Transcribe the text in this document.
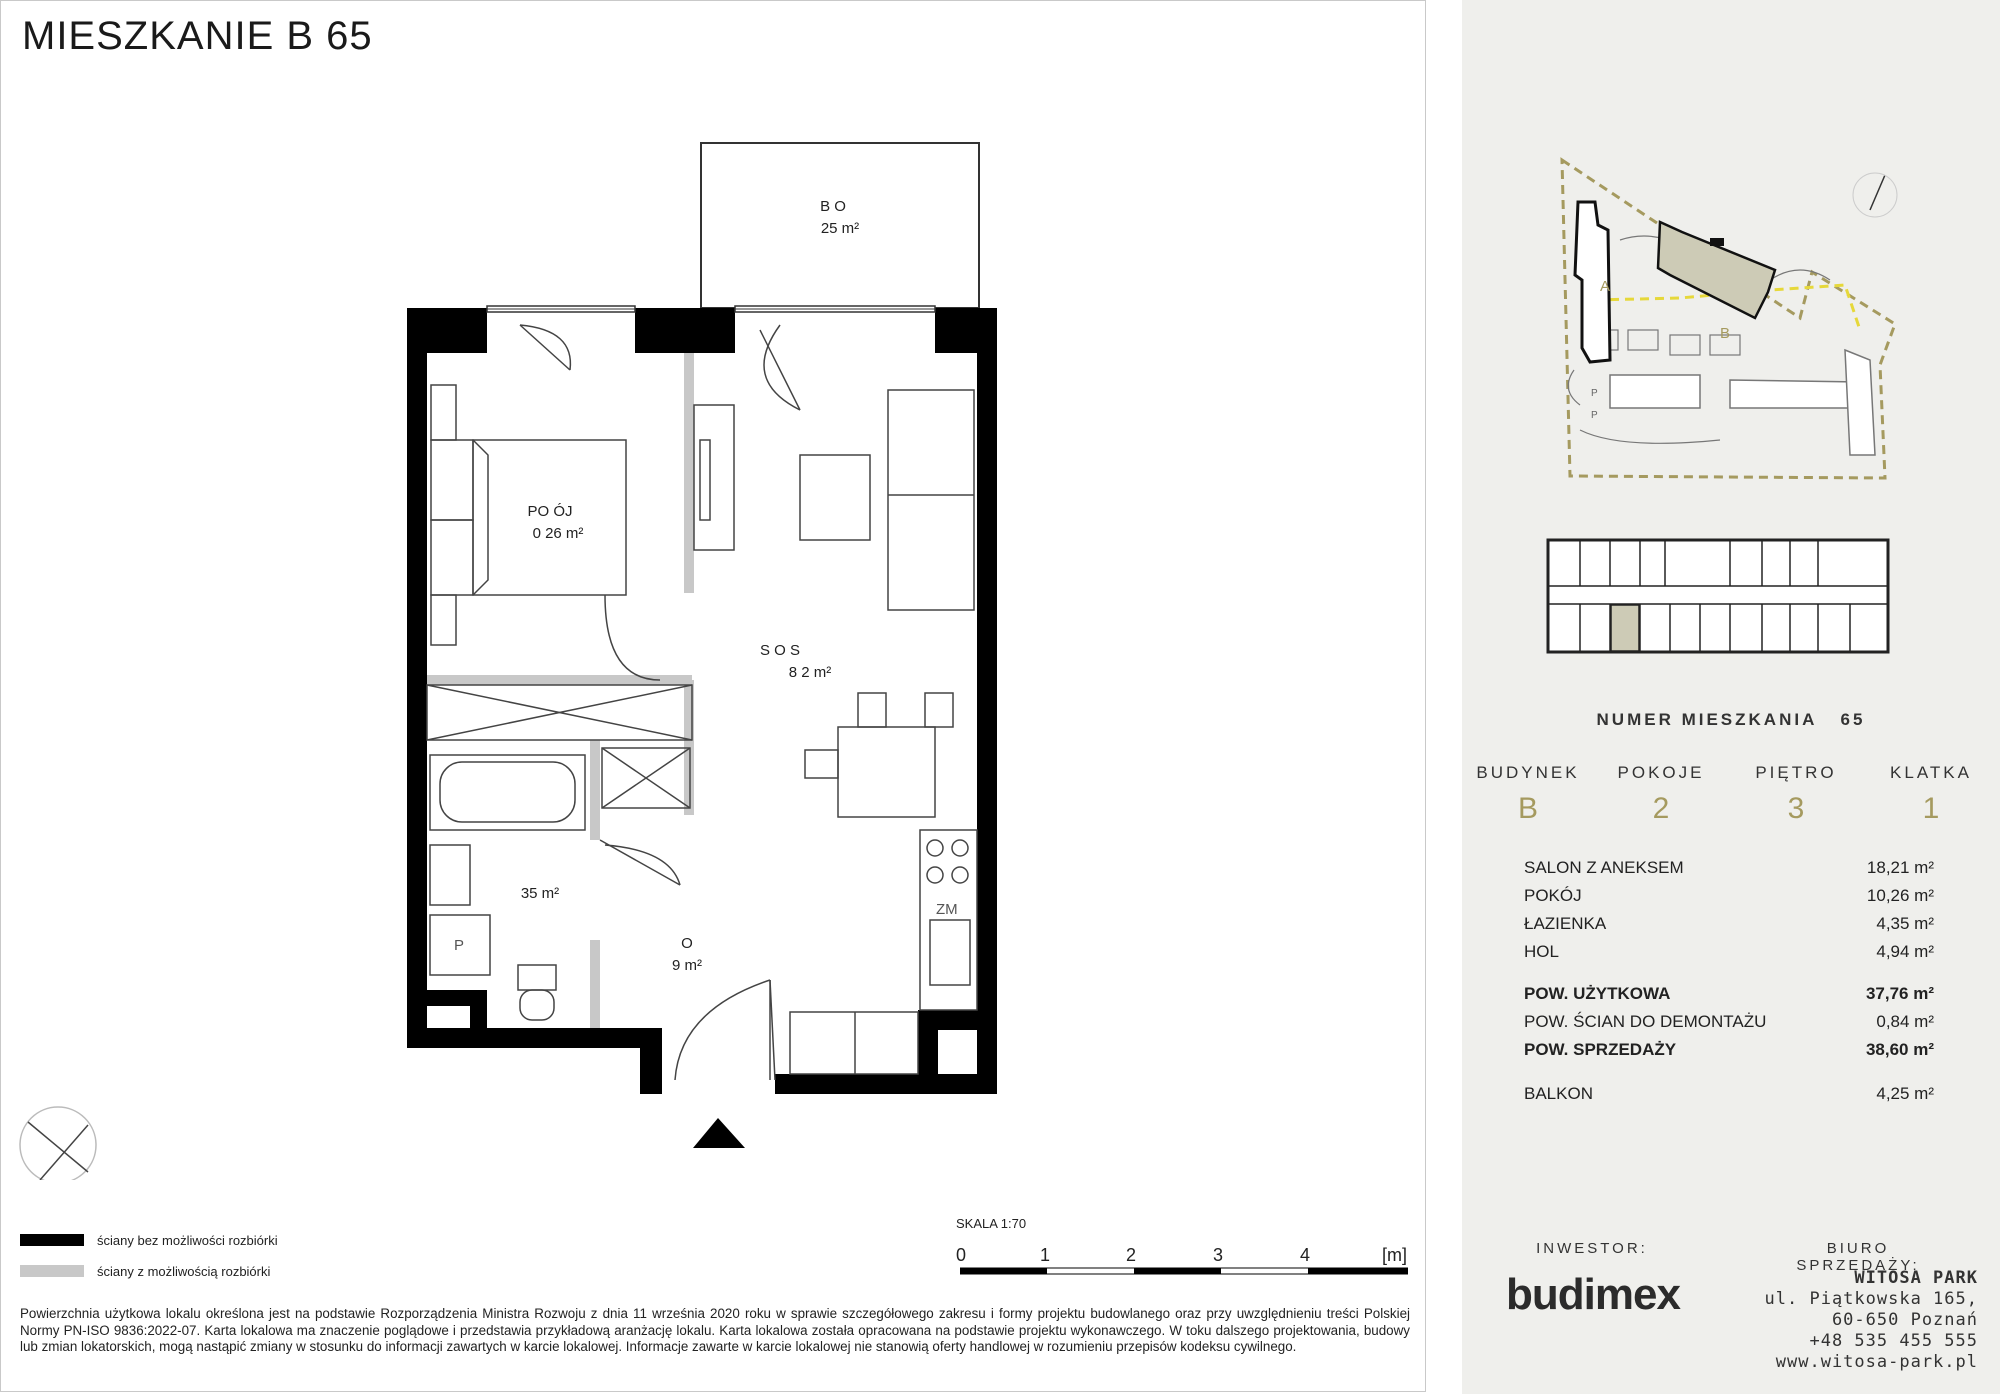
MIESZKANIE B 65
B O
25 m²
PO ÓJ
0 26 m²
S O S
8 2 m²
35 m²
O
9 m²
ZM
P
ściany bez możliwości rozbiórki
ściany z możliwością rozbiórki
SKALA 1:70
0	1	2	3	4	[m]
Powierzchnia użytkowa lokalu określona jest na podstawie Rozporządzenia Ministra Rozwoju z dnia 11 września 2020 roku w sprawie szczegółowego zakresu i formy projektu budowlanego oraz przy uwzględnieniu treści Polskiej Normy PN-ISO 9836:2022-07. Karta lokalowa ma znaczenie poglądowe i przedstawia przykładową aranżację lokalu. Karta lokalowa została opracowana na podstawie projektu wykonawczego. W toku dalszego projektowania, budowy lub zmian lokatorskich, mogą nastąpić zmiany w stosunku do informacji zawartych w karcie lokalowej. Informacje zawarte w karcie lokalowej nie stanowią oferty handlowej w rozumieniu przepisów kodeksu cywilnego.
A
B
P
P
NUMER MIESZKANIA 65
BUDYNEK	POKOJE	PIĘTRO	KLATKA
B	2	3	1
SALON Z ANEKSEM	18,21 m²
POKÓJ	10,26 m²
ŁAZIENKA	4,35 m²
HOL	4,94 m²
POW. UŻYTKOWA	37,76 m²
POW. ŚCIAN DO DEMONTAŻU	0,84 m²
POW. SPRZEDAŻY	38,60 m²
BALKON	4,25 m²
INWESTOR:
budimex
BIURO SPRZEDAŻY:
WITOSA PARK
ul. Piątkowska 165,
60-650 Poznań
+48 535 455 555
www.witosa-park.pl
